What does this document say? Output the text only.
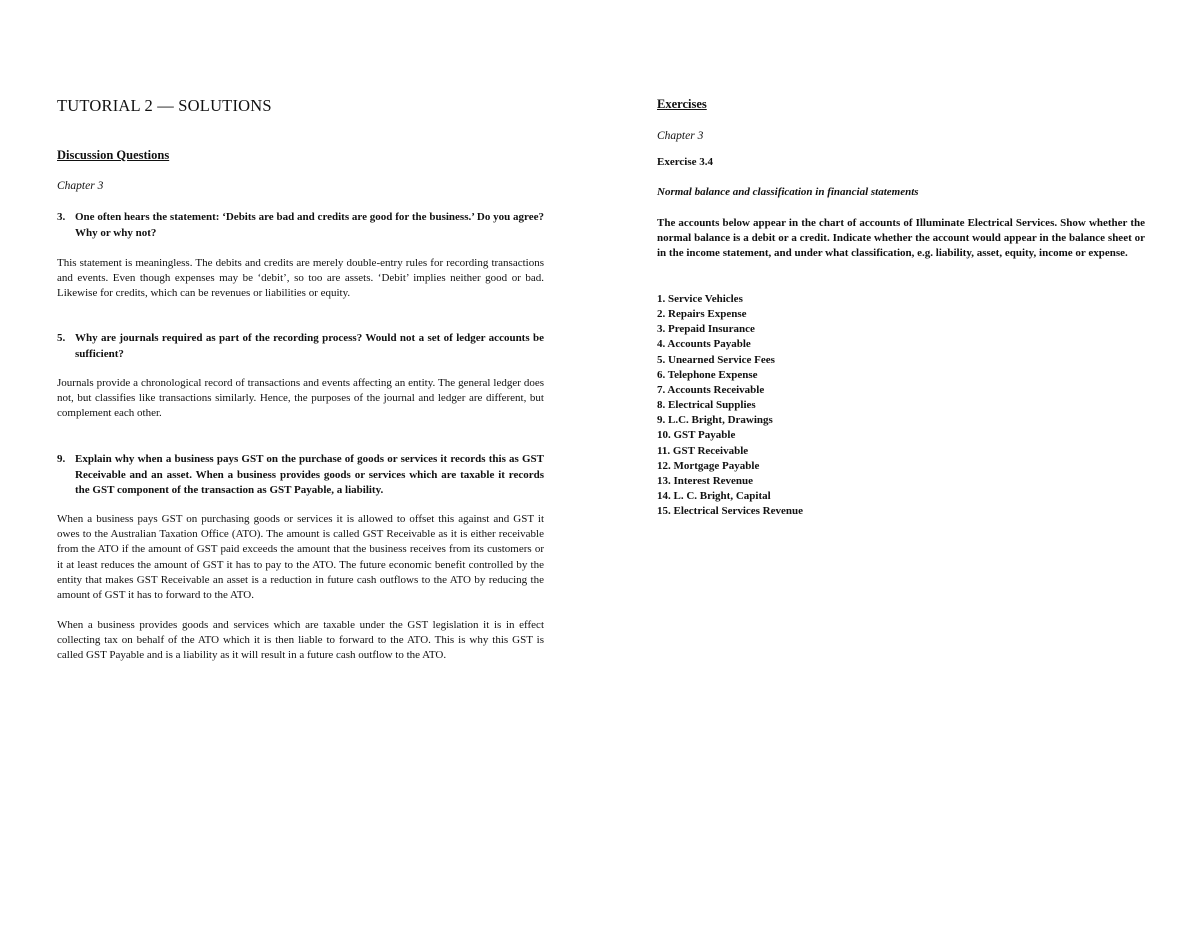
TUTORIAL 2 — SOLUTIONS
Discussion Questions

Chapter 3

3. One often hears the statement: ‘Debits are bad and credits are good for the business.’ Do you agree? Why or why not?

This statement is meaningless. The debits and credits are merely double-entry rules for recording transactions and events. Even though expenses may be ‘debit’, so too are assets. ‘Debit’ implies neither good or bad. Likewise for credits, which can be revenues or liabilities or equity.

5. Why are journals required as part of the recording process? Would not a set of ledger accounts be sufficient?

Journals provide a chronological record of transactions and events affecting an entity. The general ledger does not, but classifies like transactions similarly. Hence, the purposes of the journal and ledger are different, but complement each other.

9. Explain why when a business pays GST on the purchase of goods or services it records this as GST Receivable and an asset. When a business provides goods or services which are taxable it records the GST component of the transaction as GST Payable, a liability.

When a business pays GST on purchasing goods or services it is allowed to offset this against and GST it owes to the Australian Taxation Office (ATO). The amount is called GST Receivable as it is either receivable from the ATO if the amount of GST paid exceeds the amount that the business receives from its customers or it at least reduces the amount of GST it has to pay to the ATO. The future economic benefit controlled by the entity that makes GST Receivable an asset is a reduction in future cash outflows to the ATO by reducing the amount of GST it has to forward to the ATO.

When a business provides goods and services which are taxable under the GST legislation it is in effect collecting tax on behalf of the ATO which it is then liable to forward to the ATO. This is why this GST is called GST Payable and is a liability as it will result in a future cash outflow to the ATO.

Exercises

Chapter 3

Exercise 3.4

Normal balance and classification in financial statements

The accounts below appear in the chart of accounts of Illuminate Electrical Services. Show whether the normal balance is a debit or a credit. Indicate whether the account would appear in the balance sheet or in the income statement, and under what classification, e.g. liability, asset, equity, income or expense.

1. Service Vehicles
2. Repairs Expense
3. Prepaid Insurance
4. Accounts Payable
5. Unearned Service Fees
6. Telephone Expense
7. Accounts Receivable
8. Electrical Supplies
9. L.C. Bright, Drawings
10. GST Payable
11. GST Receivable
12. Mortgage Payable
13. Interest Revenue
14. L. C. Bright, Capital
15. Electrical Services Revenue
